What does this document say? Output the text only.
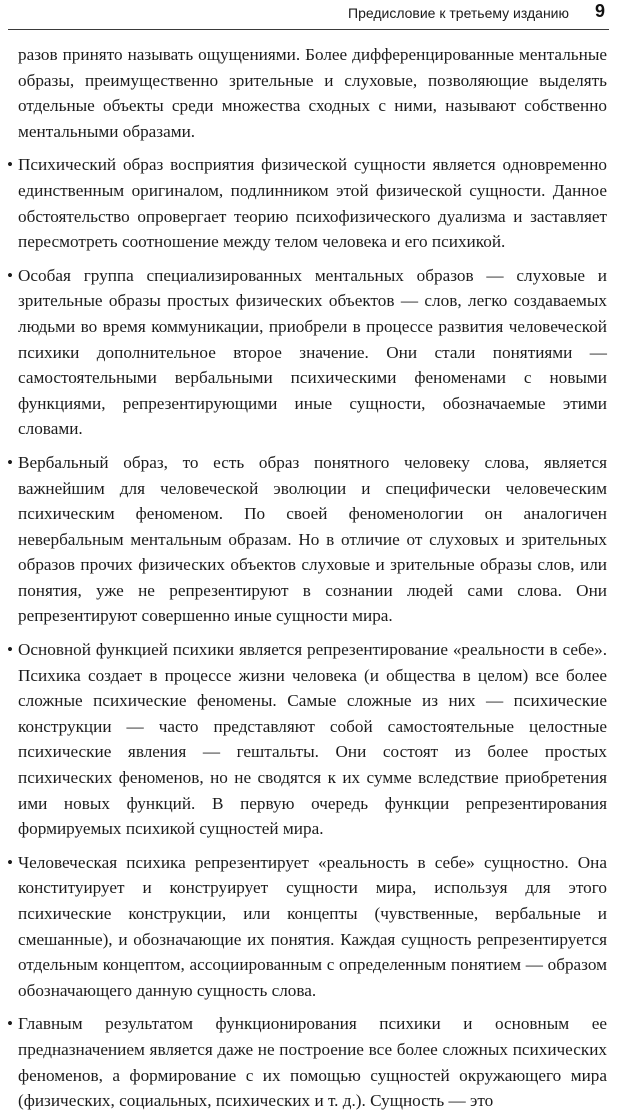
Предисловие к третьему изданию 9

разов принято называть ощущениями. Более дифференцированные ментальные образы, преимущественно зрительные и слуховые, позволяющие выделять отдельные объекты среди множества сходных с ними, называют собственно ментальными образами.

• Психический образ восприятия физической сущности является одновременно единственным оригиналом, подлинником этой физической сущности. Данное обстоятельство опровергает теорию психофизического дуализма и заставляет пересмотреть соотношение между телом человека и его психикой.

• Особая группа специализированных ментальных образов — слуховые и зрительные образы простых физических объектов — слов, легко создаваемых людьми во время коммуникации, приобрели в процессе развития человеческой психики дополнительное второе значение. Они стали понятиями — самостоятельными вербальными психическими феноменами с новыми функциями, репрезентирующими иные сущности, обозначаемые этими словами.

• Вербальный образ, то есть образ понятного человеку слова, является важнейшим для человеческой эволюции и специфически человеческим психическим феноменом. По своей феноменологии он аналогичен невербальным ментальным образам. Но в отличие от слуховых и зрительных образов прочих физических объектов слуховые и зрительные образы слов, или понятия, уже не репрезентируют в сознании людей сами слова. Они репрезентируют совершенно иные сущности мира.

• Основной функцией психики является репрезентирование «реальности в себе». Психика создает в процессе жизни человека (и общества в целом) все более сложные психические феномены. Самые сложные из них — психические конструкции — часто представляют собой самостоятельные целостные психические явления — гештальты. Они состоят из более простых психических феноменов, но не сводятся к их сумме вследствие приобретения ими новых функций. В первую очередь функции репрезентирования формируемых психикой сущностей мира.

• Человеческая психика репрезентирует «реальность в себе» сущностно. Она конституирует и конструирует сущности мира, используя для этого психические конструкции, или концепты (чувственные, вербальные и смешанные), и обозначающие их понятия. Каждая сущность репрезентируется отдельным концептом, ассоциированным с определенным понятием — образом обозначающего данную сущность слова.

• Главным результатом функционирования психики и основным ее предназначением является даже не построение все более сложных психических феноменов, а формирование с их помощью сущностей окружающего мира (физических, социальных, психических и т. д.). Сущность — это
